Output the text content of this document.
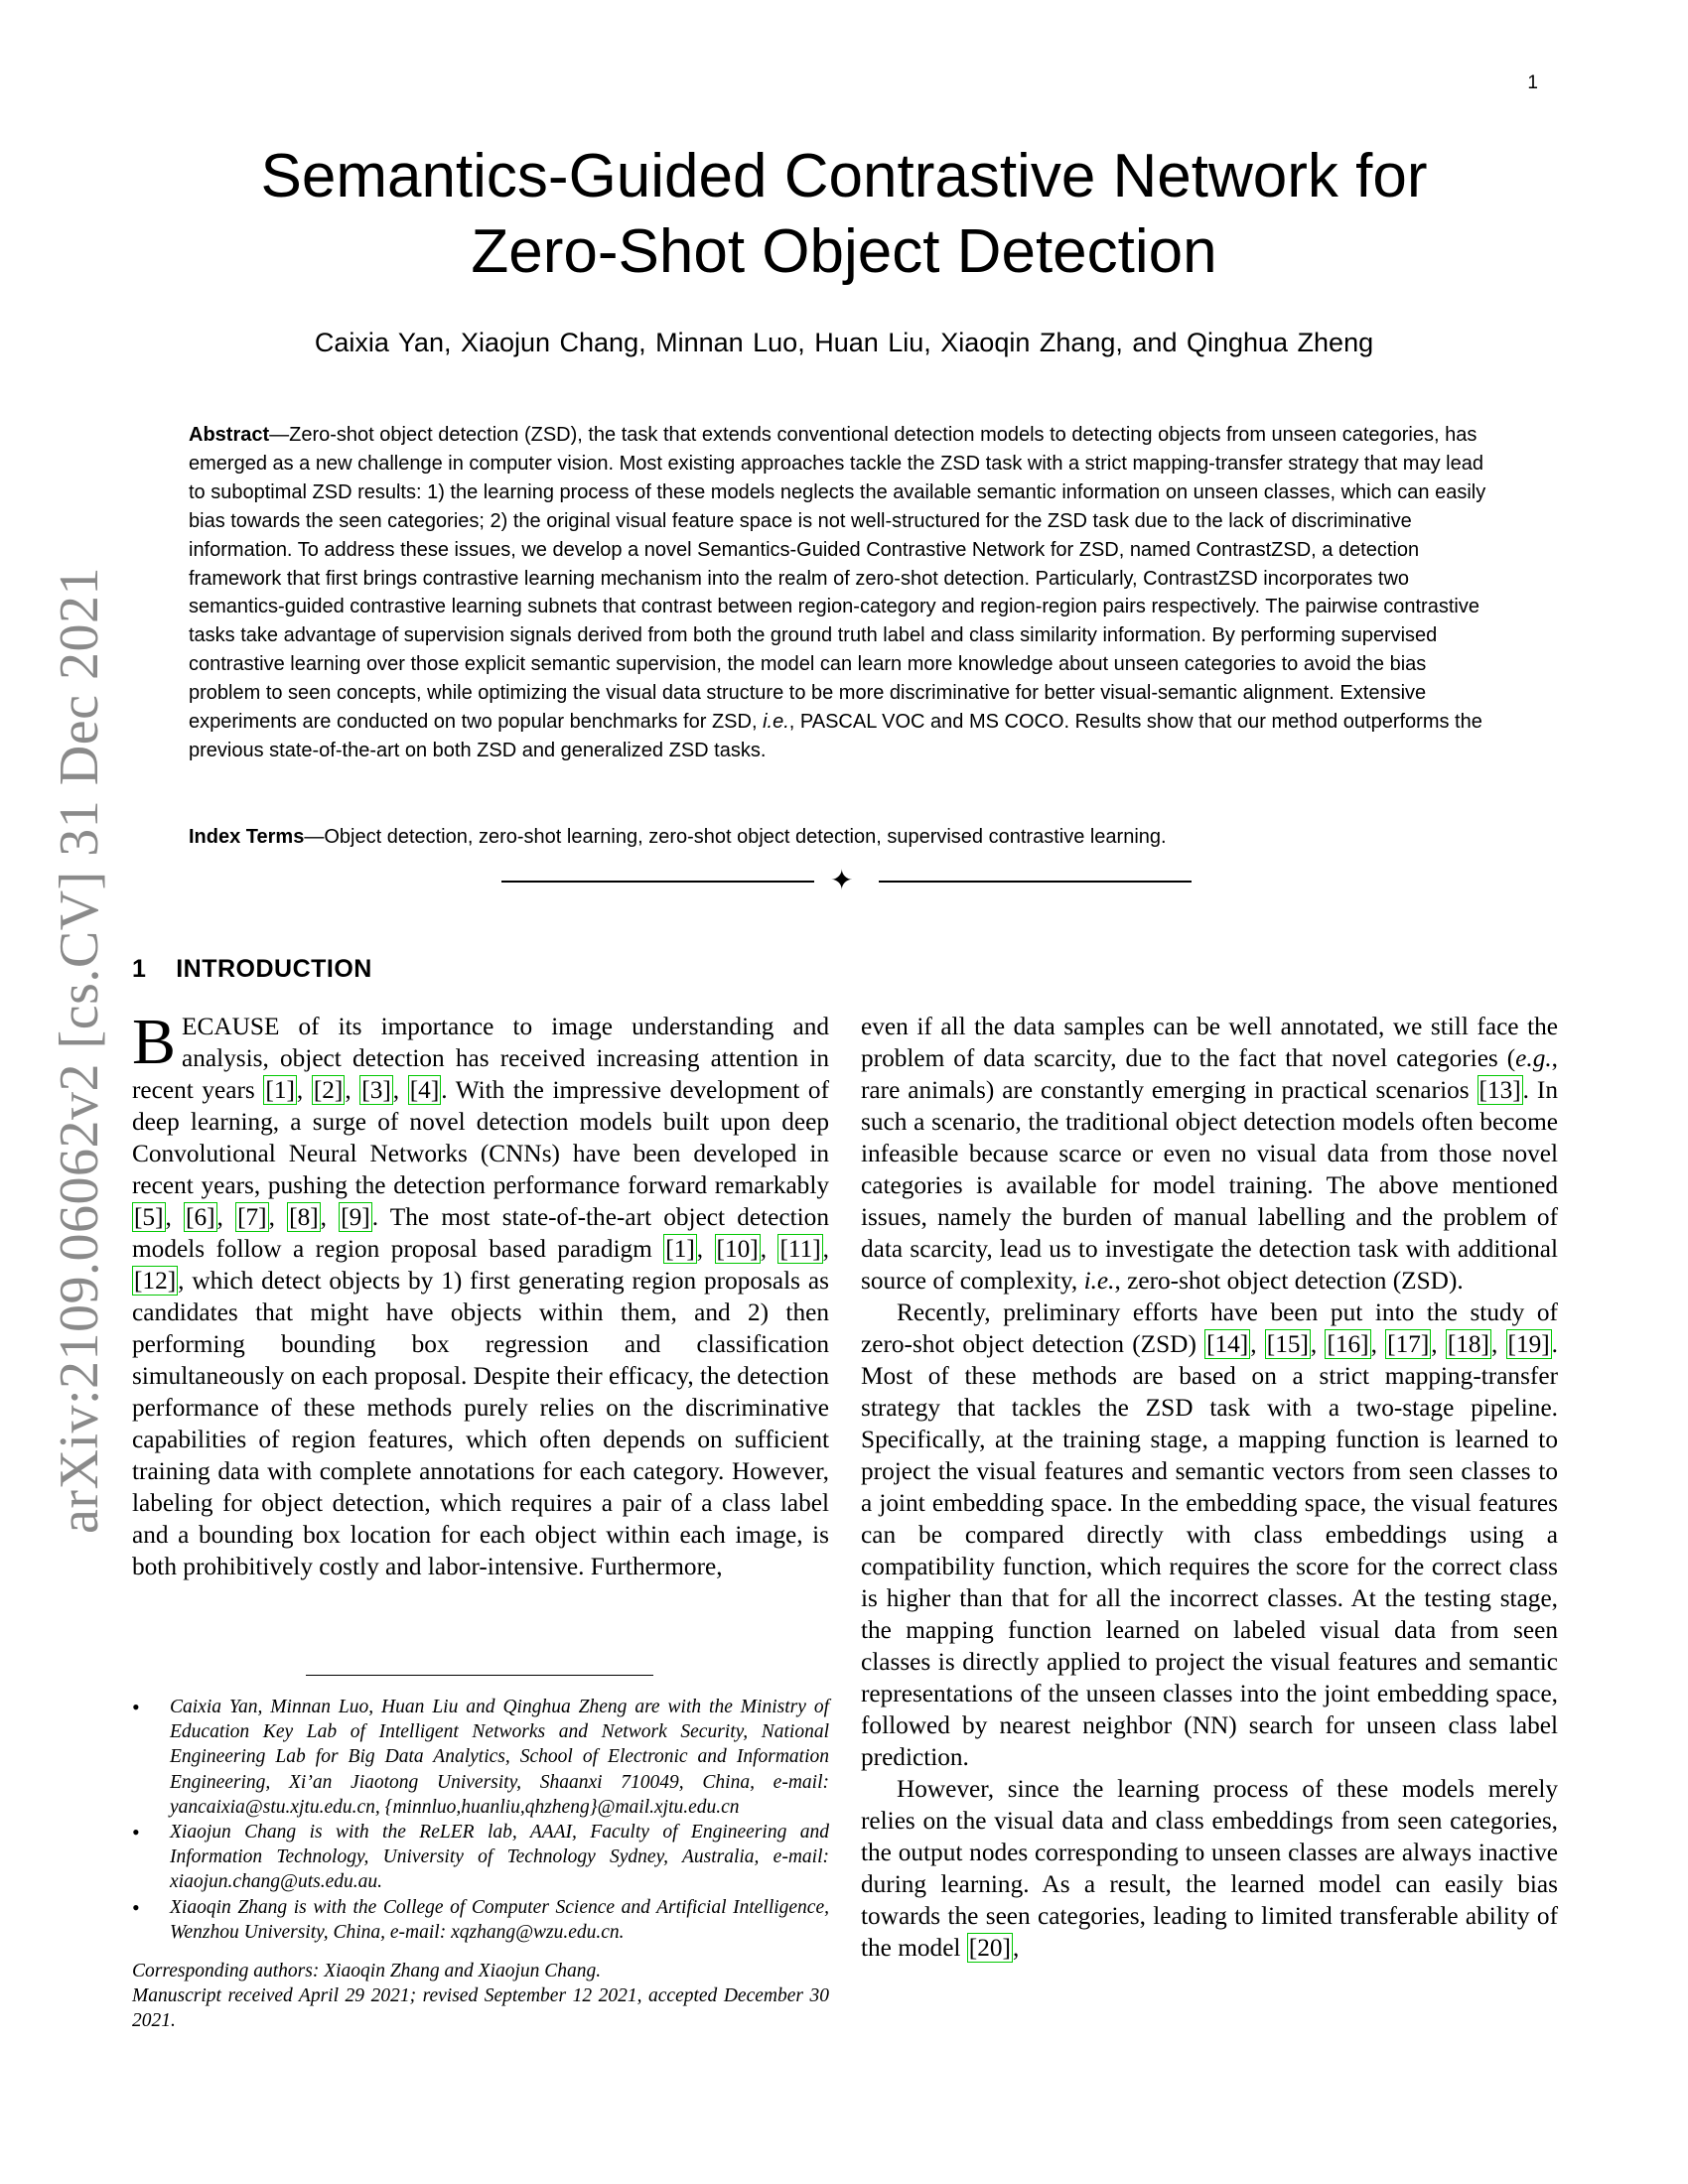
1
arXiv:2109.06062v2 [cs.CV] 31 Dec 2021
Semantics-Guided Contrastive Network for
Zero-Shot Object Detection
Caixia Yan, Xiaojun Chang, Minnan Luo, Huan Liu, Xiaoqin Zhang, and Qinghua Zheng

Abstract—Zero-shot object detection (ZSD), the task that extends conventional detection models to detecting objects from unseen categories, has emerged as a new challenge in computer vision. Most existing approaches tackle the ZSD task with a strict mapping-transfer strategy that may lead to suboptimal ZSD results: 1) the learning process of these models neglects the available semantic information on unseen classes, which can easily bias towards the seen categories; 2) the original visual feature space is not well-structured for the ZSD task due to the lack of discriminative information. To address these issues, we develop a novel Semantics-Guided Contrastive Network for ZSD, named ContrastZSD, a detection framework that first brings contrastive learning mechanism into the realm of zero-shot detection. Particularly, ContrastZSD incorporates two semantics-guided contrastive learning subnets that contrast between region-category and region-region pairs respectively. The pairwise contrastive tasks take advantage of supervision signals derived from both the ground truth label and class similarity information. By performing supervised contrastive learning over those explicit semantic supervision, the model can learn more knowledge about unseen categories to avoid the bias problem to seen concepts, while optimizing the visual data structure to be more discriminative for better visual-semantic alignment. Extensive experiments are conducted on two popular benchmarks for ZSD, i.e., PASCAL VOC and MS COCO. Results show that our method outperforms the previous state-of-the-art on both ZSD and generalized ZSD tasks.

Index Terms—Object detection, zero-shot learning, zero-shot object detection, supervised contrastive learning.
✦
1 INTRODUCTION

BECAUSE of its importance to image understanding and analysis, object detection has received increasing attention in recent years [1], [2], [3], [4]. With the impressive development of deep learning, a surge of novel detection models built upon deep Convolutional Neural Networks (CNNs) have been developed in recent years, pushing the detection performance forward remarkably [5], [6], [7], [8], [9]. The most state-of-the-art object detection models follow a region proposal based paradigm [1], [10], [11], [12], which detect objects by 1) first generating region proposals as candidates that might have objects within them, and 2) then performing bounding box regression and classification simultaneously on each proposal. Despite their efficacy, the detection performance of these methods purely relies on the discriminative capabilities of region features, which often depends on sufficient training data with complete annotations for each category. However, labeling for object detection, which requires a pair of a class label and a bounding box location for each object within each image, is both prohibitively costly and labor-intensive. Furthermore,

even if all the data samples can be well annotated, we still face the problem of data scarcity, due to the fact that novel categories (e.g., rare animals) are constantly emerging in practical scenarios [13]. In such a scenario, the traditional object detection models often become infeasible because scarce or even no visual data from those novel categories is available for model training. The above mentioned issues, namely the burden of manual labelling and the problem of data scarcity, lead us to investigate the detection task with additional source of complexity, i.e., zero-shot object detection (ZSD).

Recently, preliminary efforts have been put into the study of zero-shot object detection (ZSD) [14], [15], [16], [17], [18], [19]. Most of these methods are based on a strict mapping-transfer strategy that tackles the ZSD task with a two-stage pipeline. Specifically, at the training stage, a mapping function is learned to project the visual features and semantic vectors from seen classes to a joint embedding space. In the embedding space, the visual features can be compared directly with class embeddings using a compatibility function, which requires the score for the correct class is higher than that for all the incorrect classes. At the testing stage, the mapping function learned on labeled visual data from seen classes is directly applied to project the visual features and semantic representations of the unseen classes into the joint embedding space, followed by nearest neighbor (NN) search for unseen class label prediction.

However, since the learning process of these models merely relies on the visual data and class embeddings from seen categories, the output nodes corresponding to unseen classes are always inactive during learning. As a result, the learned model can easily bias towards the seen categories, leading to limited transferable ability of the model [20],

• Caixia Yan, Minnan Luo, Huan Liu and Qinghua Zheng are with the Ministry of Education Key Lab of Intelligent Networks and Network Security, National Engineering Lab for Big Data Analytics, School of Electronic and Information Engineering, Xi’an Jiaotong University, Shaanxi 710049, China, e-mail: yancaixia@stu.xjtu.edu.cn, {minnluo,huanliu,qhzheng}@mail.xjtu.edu.cn
• Xiaojun Chang is with the ReLER lab, AAAI, Faculty of Engineering and Information Technology, University of Technology Sydney, Australia, e-mail: xiaojun.chang@uts.edu.au.
• Xiaoqin Zhang is with the College of Computer Science and Artificial Intelligence, Wenzhou University, China, e-mail: xqzhang@wzu.edu.cn.
Corresponding authors: Xiaoqin Zhang and Xiaojun Chang.
Manuscript received April 29 2021; revised September 12 2021, accepted December 30 2021.
